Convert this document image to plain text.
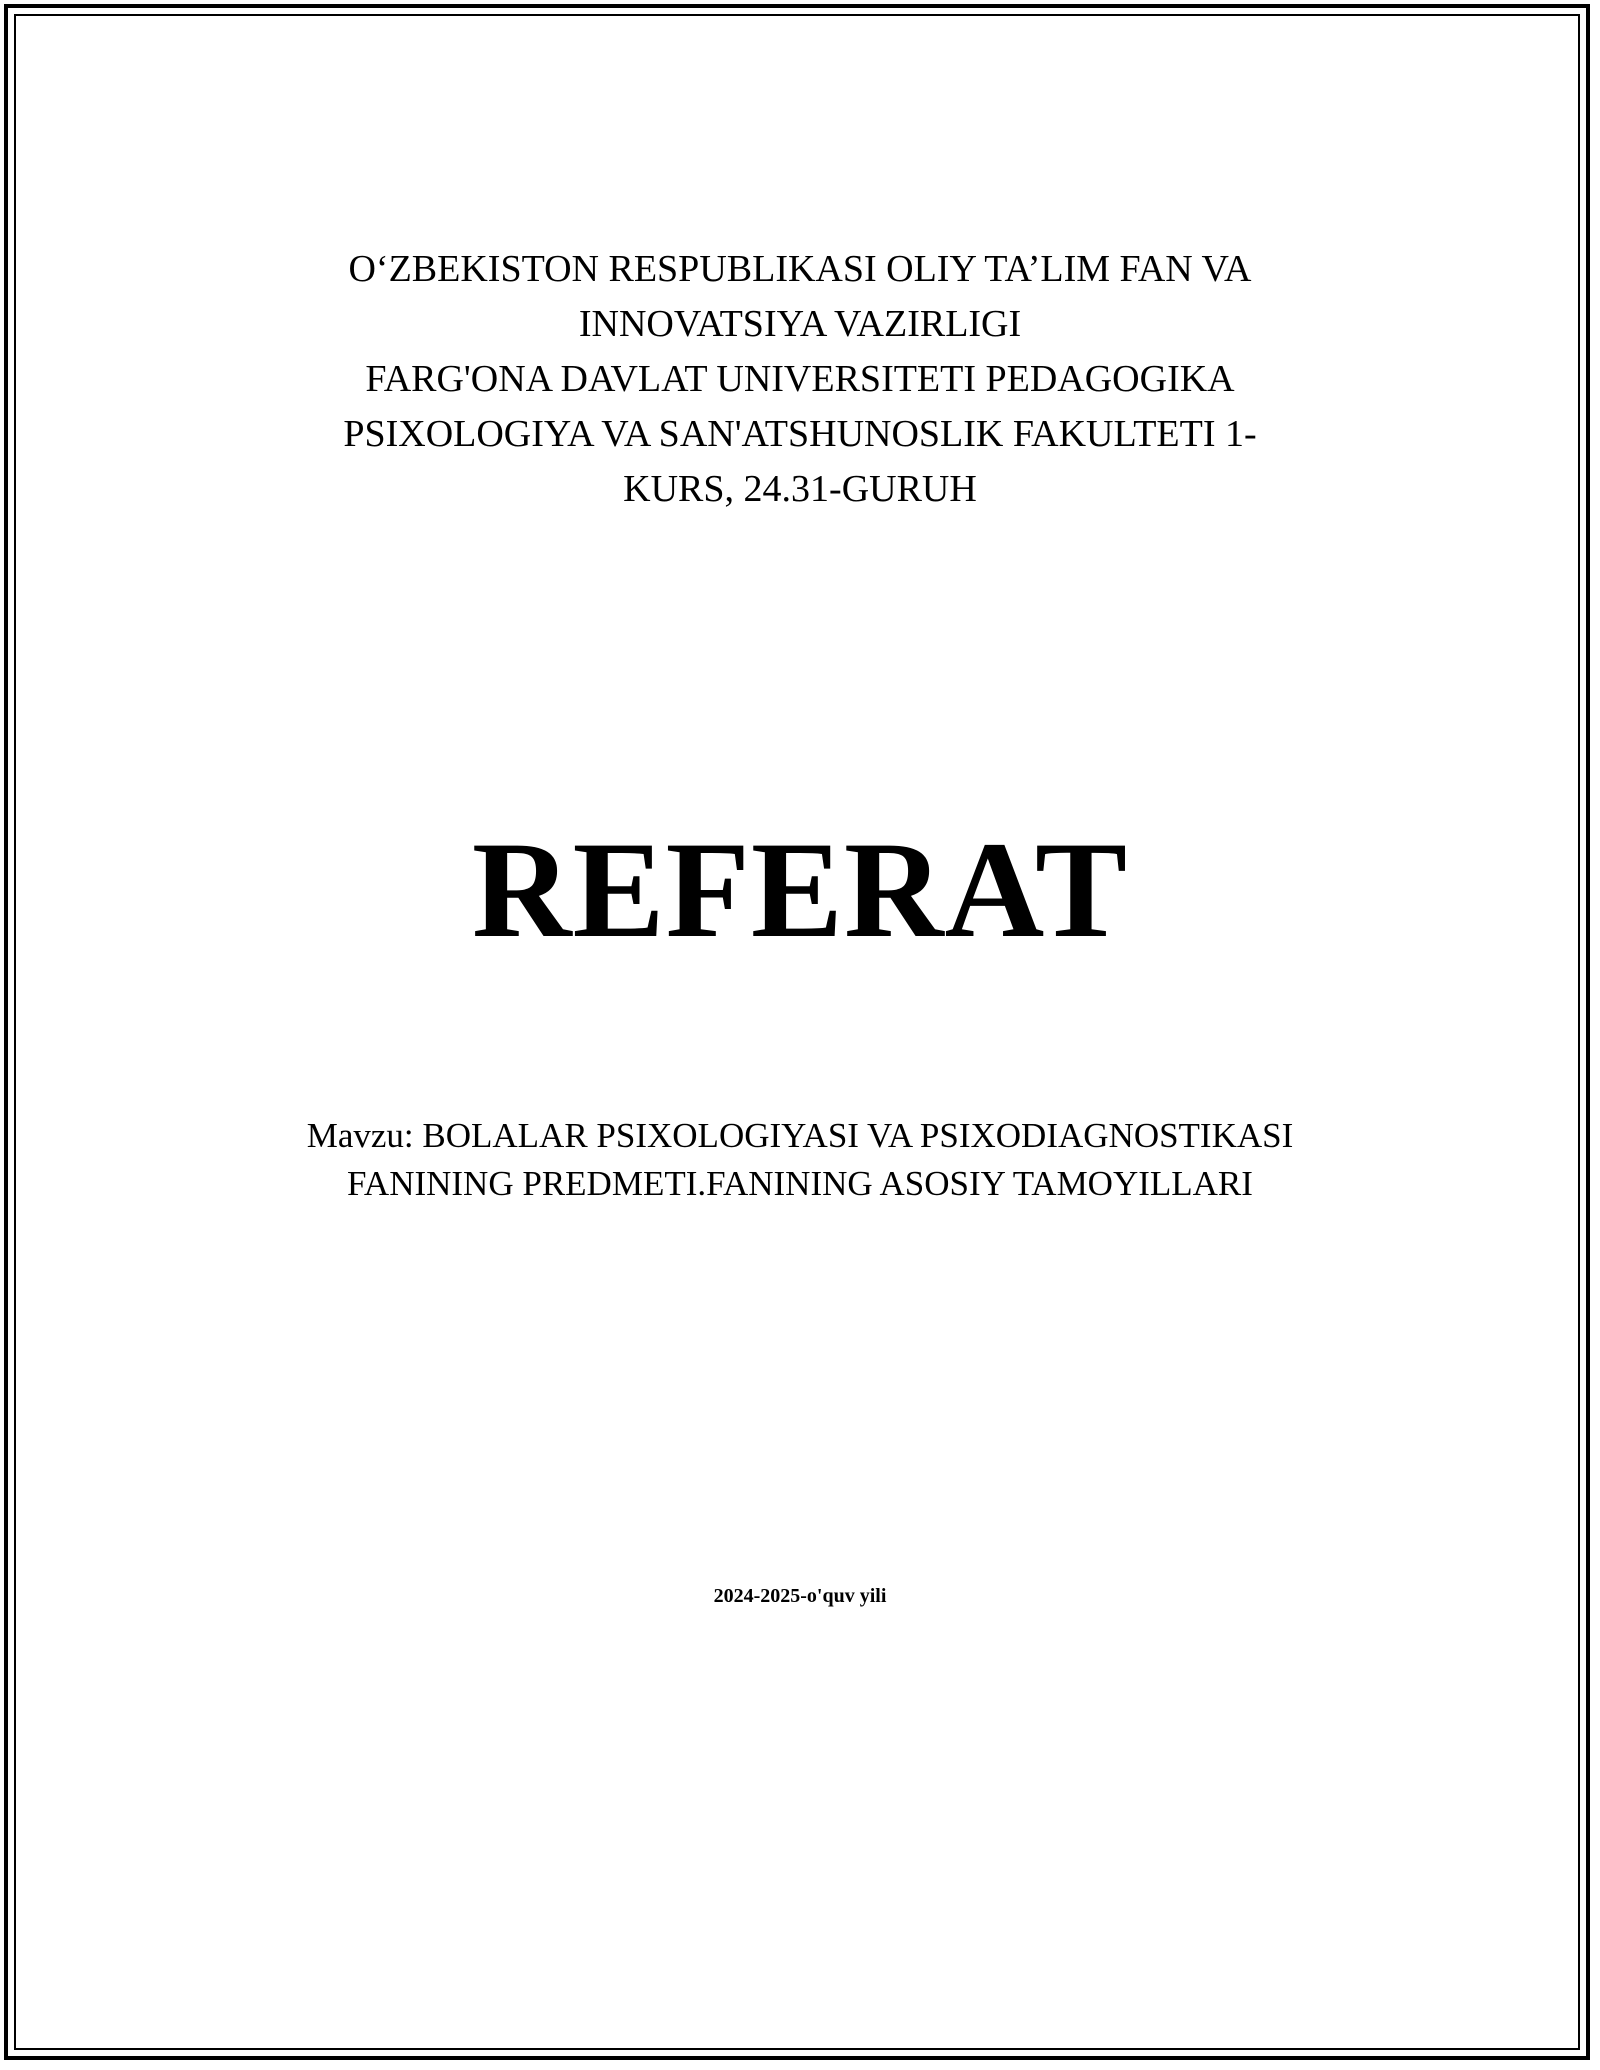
O‘ZBEKISTON RESPUBLIKASI OLIY TA’LIM FAN VA
INNOVATSIYA VAZIRLIGI
FARG'ONA DAVLAT UNIVERSITETI PEDAGOGIKA
PSIXOLOGIYA VA SAN'ATSHUNOSLIK FAKULTETI 1-
KURS, 24.31-GURUH
REFERAT
Mavzu: BOLALAR PSIXOLOGIYASI VA PSIXODIAGNOSTIKASI
FANINING PREDMETI.FANINING ASOSIY TAMOYILLARI
2024-2025-o'quv yili
